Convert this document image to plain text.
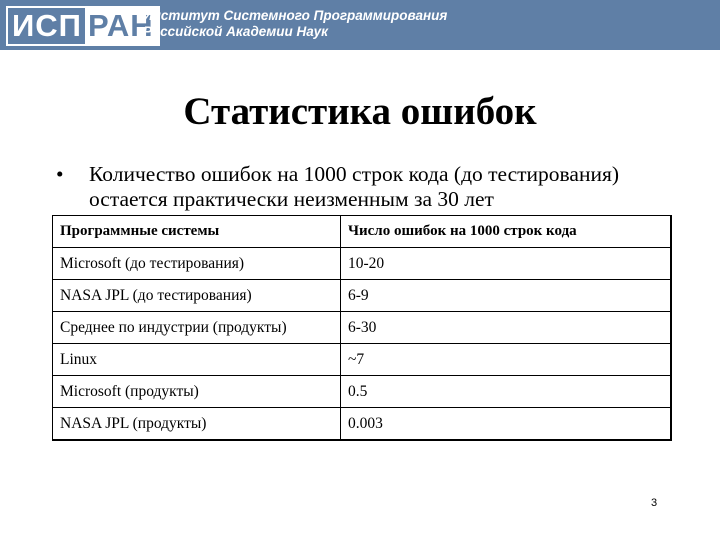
ИСП РАН
Институт Системного Программирования
Российской Академии Наук
Статистика ошибок
•	Количество ошибок на 1000 строк кода (до тестирования)
остается практически неизменным за 30 лет
Программные системы	Число ошибок на 1000 строк кода
Microsoft (до тестирования)	10-20
NASA JPL (до тестирования)	6-9
Среднее по индустрии (продукты)	6-30
Linux	~7
Microsoft (продукты)	0.5
NASA JPL (продукты)	0.003
3
